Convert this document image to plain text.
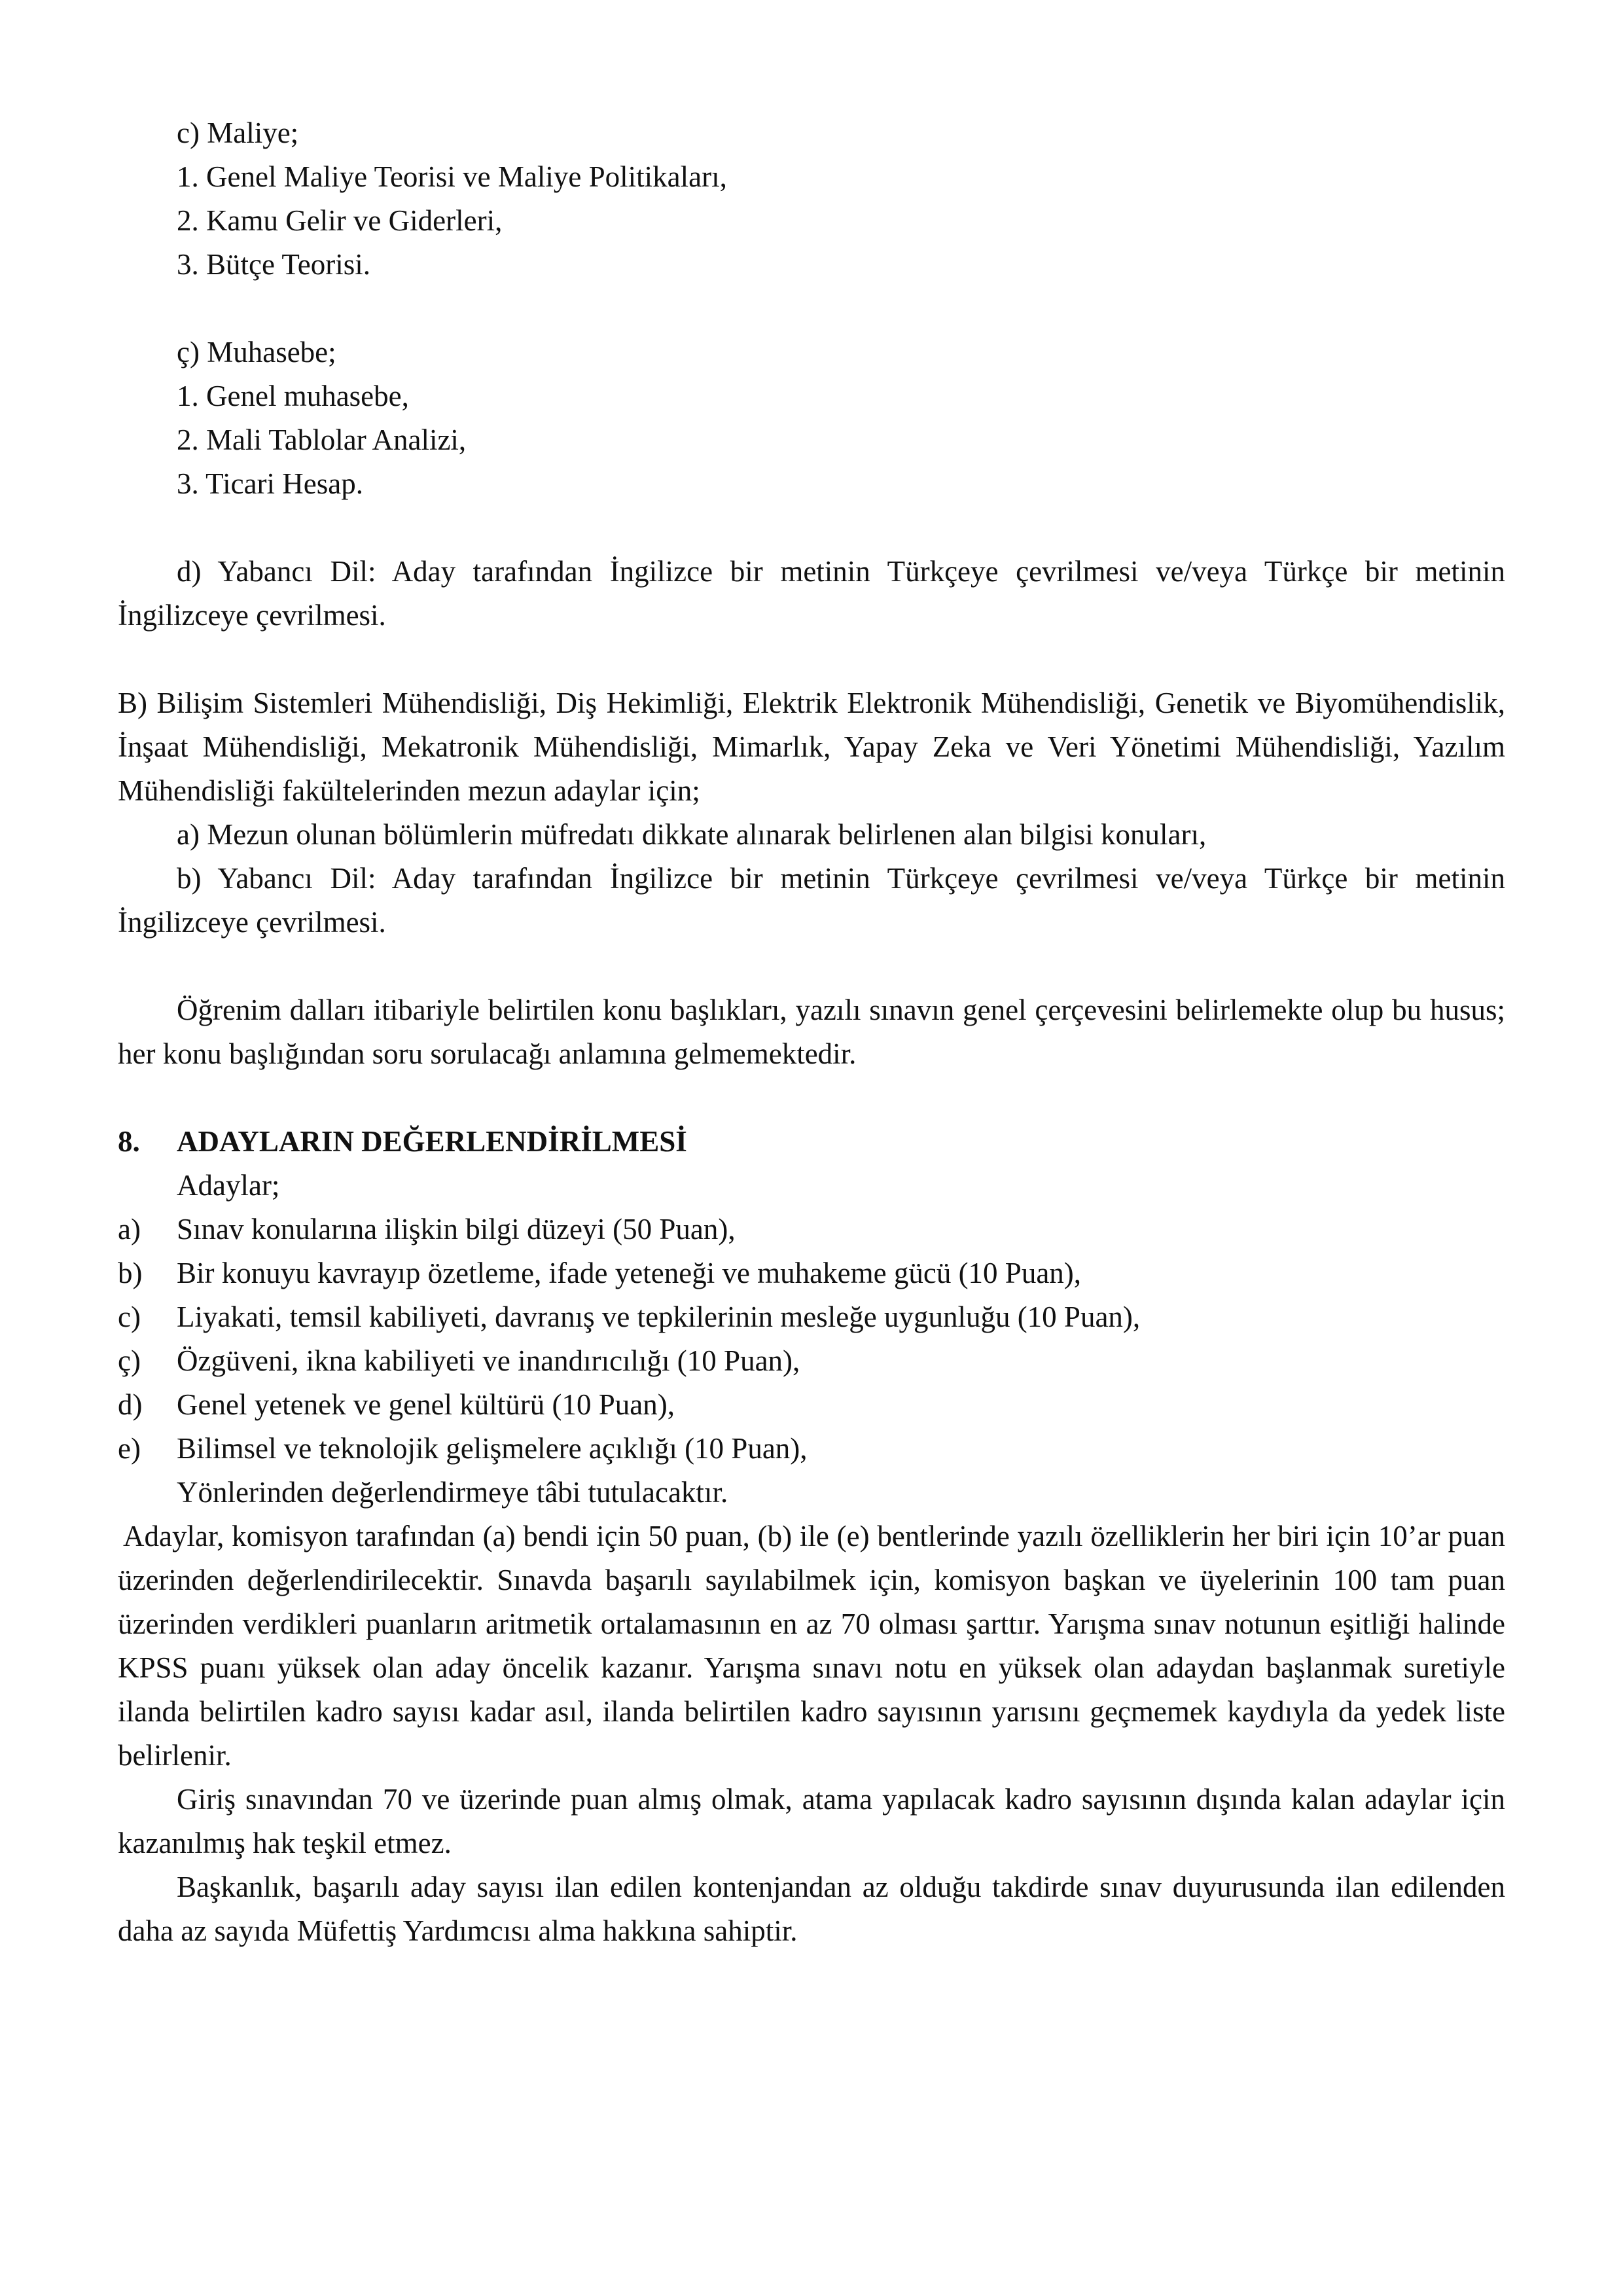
c) Maliye;
1. Genel Maliye Teorisi ve Maliye Politikaları,
2. Kamu Gelir ve Giderleri,
3. Bütçe Teorisi.
ç) Muhasebe;
1. Genel muhasebe,
2. Mali Tablolar Analizi,
3. Ticari Hesap.
d) Yabancı Dil: Aday tarafından İngilizce bir metinin Türkçeye çevrilmesi ve/veya Türkçe bir metinin İngilizceye çevrilmesi.
B) Bilişim Sistemleri Mühendisliği, Diş Hekimliği, Elektrik Elektronik Mühendisliği, Genetik ve Biyomühendislik, İnşaat Mühendisliği, Mekatronik Mühendisliği, Mimarlık, Yapay Zeka ve Veri Yönetimi Mühendisliği, Yazılım Mühendisliği fakültelerinden mezun adaylar için;
a) Mezun olunan bölümlerin müfredatı dikkate alınarak belirlenen alan bilgisi konuları,
b) Yabancı Dil: Aday tarafından İngilizce bir metinin Türkçeye çevrilmesi ve/veya Türkçe bir metinin İngilizceye çevrilmesi.
Öğrenim dalları itibariyle belirtilen konu başlıkları, yazılı sınavın genel çerçevesini belirlemekte olup bu husus; her konu başlığından soru sorulacağı anlamına gelmemektedir.
8. ADAYLARIN DEĞERLENDİRİLMESİ
Adaylar;
a) Sınav konularına ilişkin bilgi düzeyi (50 Puan),
b) Bir konuyu kavrayıp özetleme, ifade yeteneği ve muhakeme gücü (10 Puan),
c) Liyakati, temsil kabiliyeti, davranış ve tepkilerinin mesleğe uygunluğu (10 Puan),
ç) Özgüveni, ikna kabiliyeti ve inandırıcılığı (10 Puan),
d) Genel yetenek ve genel kültürü (10 Puan),
e) Bilimsel ve teknolojik gelişmelere açıklığı (10 Puan),
Yönlerinden değerlendirmeye tâbi tutulacaktır.
Adaylar, komisyon tarafından (a) bendi için 50 puan, (b) ile (e) bentlerinde yazılı özelliklerin her biri için 10’ar puan üzerinden değerlendirilecektir. Sınavda başarılı sayılabilmek için, komisyon başkan ve üyelerinin 100 tam puan üzerinden verdikleri puanların aritmetik ortalamasının en az 70 olması şarttır. Yarışma sınav notunun eşitliği halinde KPSS puanı yüksek olan aday öncelik kazanır. Yarışma sınavı notu en yüksek olan adaydan başlanmak suretiyle ilanda belirtilen kadro sayısı kadar asıl, ilanda belirtilen kadro sayısının yarısını geçmemek kaydıyla da yedek liste belirlenir.
Giriş sınavından 70 ve üzerinde puan almış olmak, atama yapılacak kadro sayısının dışında kalan adaylar için kazanılmış hak teşkil etmez.
Başkanlık, başarılı aday sayısı ilan edilen kontenjandan az olduğu takdirde sınav duyurusunda ilan edilenden daha az sayıda Müfettiş Yardımcısı alma hakkına sahiptir.
